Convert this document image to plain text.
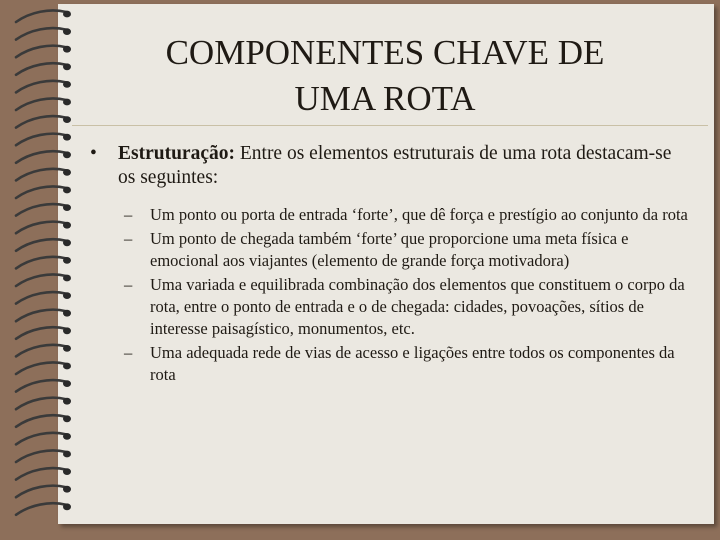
COMPONENTES CHAVE DE
UMA ROTA
• Estruturação: Entre os elementos estruturais de uma rota destacam-se os seguintes:
– Um ponto ou porta de entrada ‘forte’, que dê força e prestígio ao conjunto da rota
– Um ponto de chegada também ‘forte’ que proporcione uma meta física e emocional aos viajantes (elemento de grande força motivadora)
– Uma variada e equilibrada combinação dos elementos que constituem o corpo da rota, entre o ponto de entrada e o de chegada: cidades, povoações, sítios de interesse paisagístico, monumentos, etc.
– Uma adequada rede de vias de acesso e ligações entre todos os componentes da rota
